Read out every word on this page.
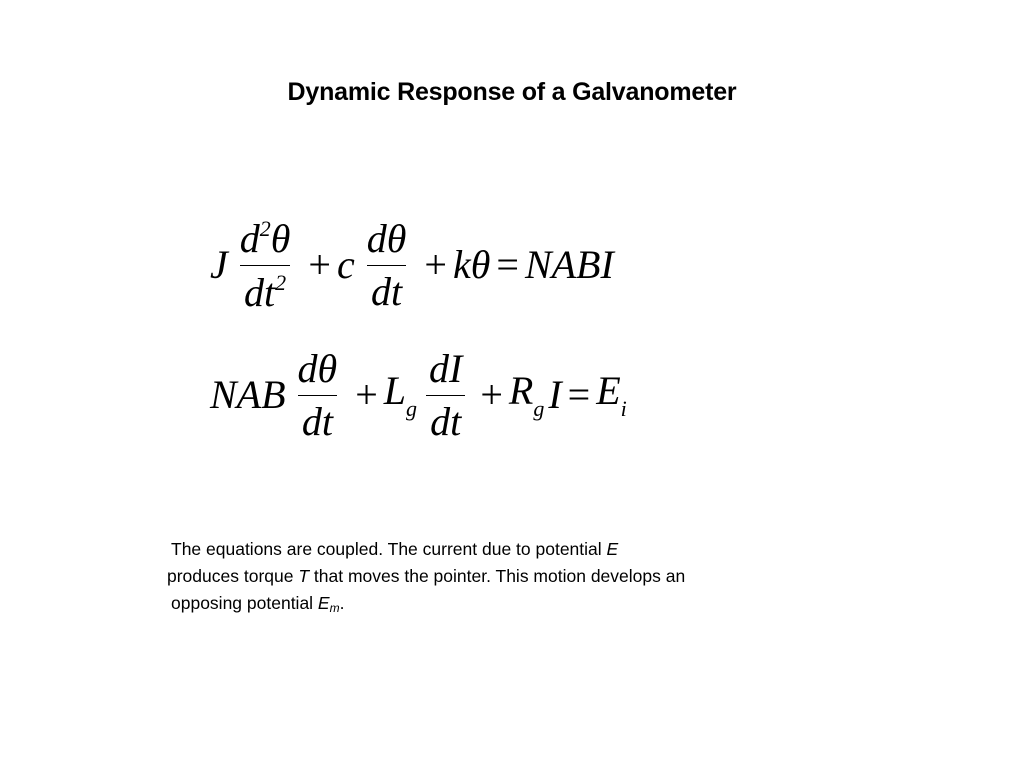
Dynamic Response of a Galvanometer
J $\frac{d^2\theta}{dt^2} + c \frac{d\theta}{dt} + k\theta$ = NABI
NAB $\frac{d\theta}{dt} + L_g \frac{dI}{dt} + R_g$ $I = E_i$
The equations are coupled. The current due to potential E
produces torque T that moves the pointer. This motion develops an opposing potential Em.
